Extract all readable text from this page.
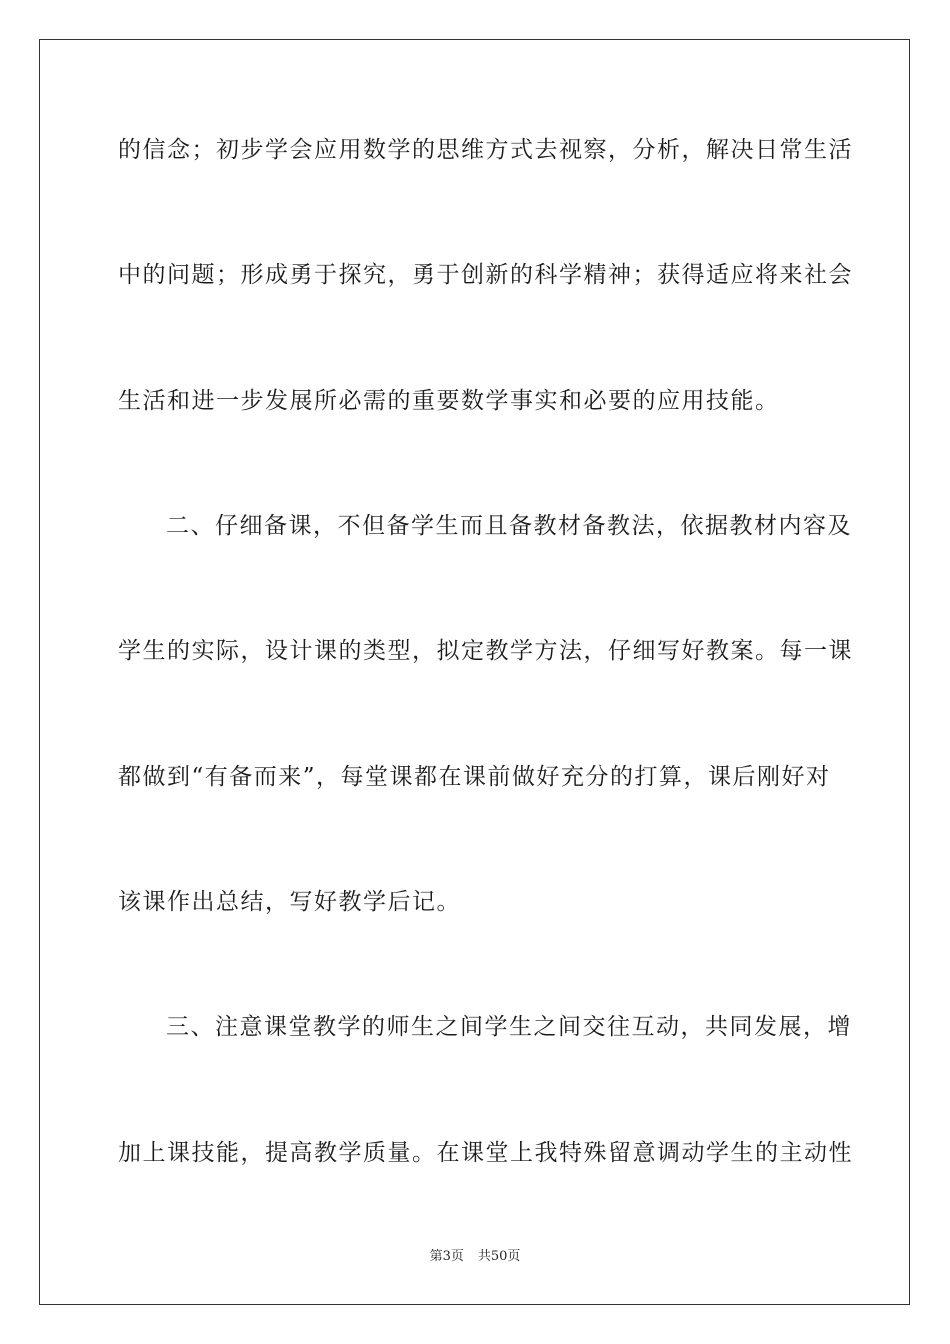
的信念；初步学会应用数学的思维方式去视察，分析，解决日常生活
中的问题；形成勇于探究，勇于创新的科学精神；获得适应将来社会
生活和进一步发展所必需的重要数学事实和必要的应用技能。
二、仔细备课，不但备学生而且备教材备教法，依据教材内容及
学生的实际，设计课的类型，拟定教学方法，仔细写好教案。每一课
都做到“有备而来”，每堂课都在课前做好充分的打算，课后刚好对
该课作出总结，写好教学后记。
三、注意课堂教学的师生之间学生之间交往互动，共同发展，增
加上课技能，提高教学质量。在课堂上我特殊留意调动学生的主动性
第3页 共50页
